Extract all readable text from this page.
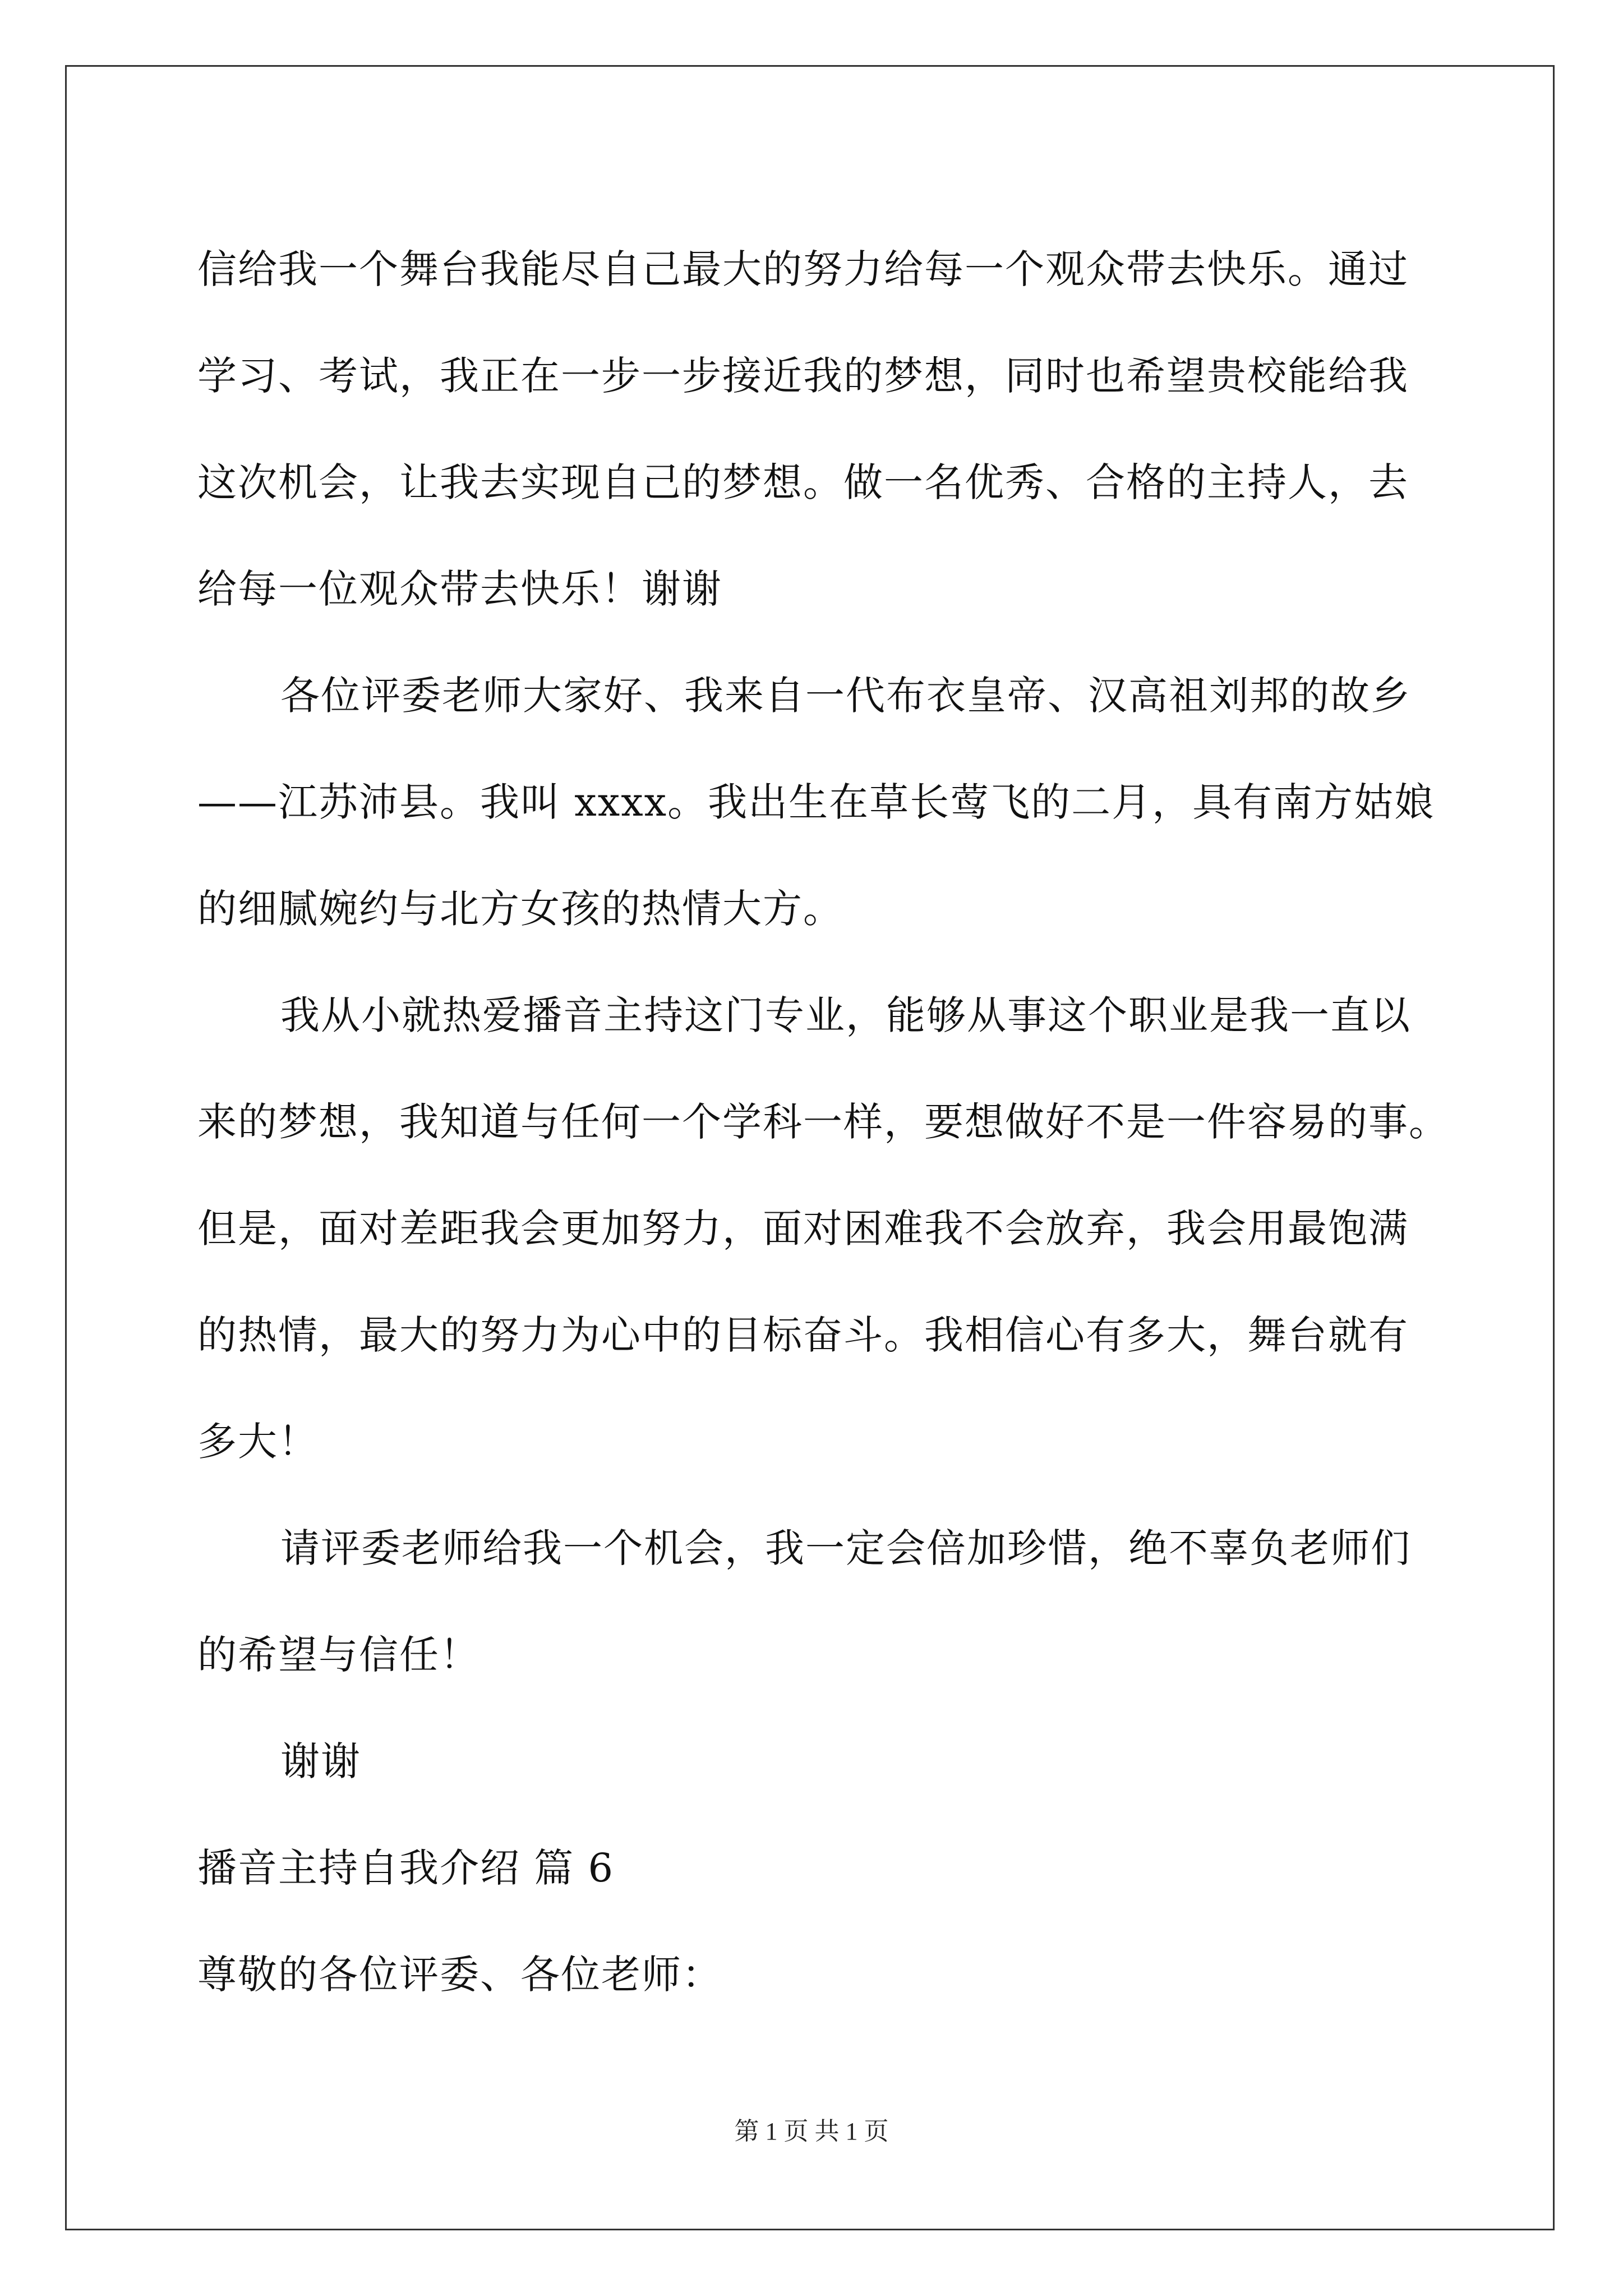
信给我一个舞台我能尽自己最大的努力给每一个观众带去快乐。通过
学习、考试，我正在一步一步接近我的梦想，同时也希望贵校能给我
这次机会，让我去实现自己的梦想。做一名优秀、合格的主持人，去
给每一位观众带去快乐！谢谢
各位评委老师大家好、我来自一代布衣皇帝、汉高祖刘邦的故乡
——江苏沛县。我叫 xxxx。我出生在草长莺飞的二月，具有南方姑娘
的细腻婉约与北方女孩的热情大方。
我从小就热爱播音主持这门专业，能够从事这个职业是我一直以
来的梦想，我知道与任何一个学科一样，要想做好不是一件容易的事。
但是，面对差距我会更加努力，面对困难我不会放弃，我会用最饱满
的热情，最大的努力为心中的目标奋斗。我相信心有多大，舞台就有
多大！
请评委老师给我一个机会，我一定会倍加珍惜，绝不辜负老师们
的希望与信任！
谢谢
播音主持自我介绍 篇 6
尊敬的各位评委、各位老师：
第 1 页 共 1 页
